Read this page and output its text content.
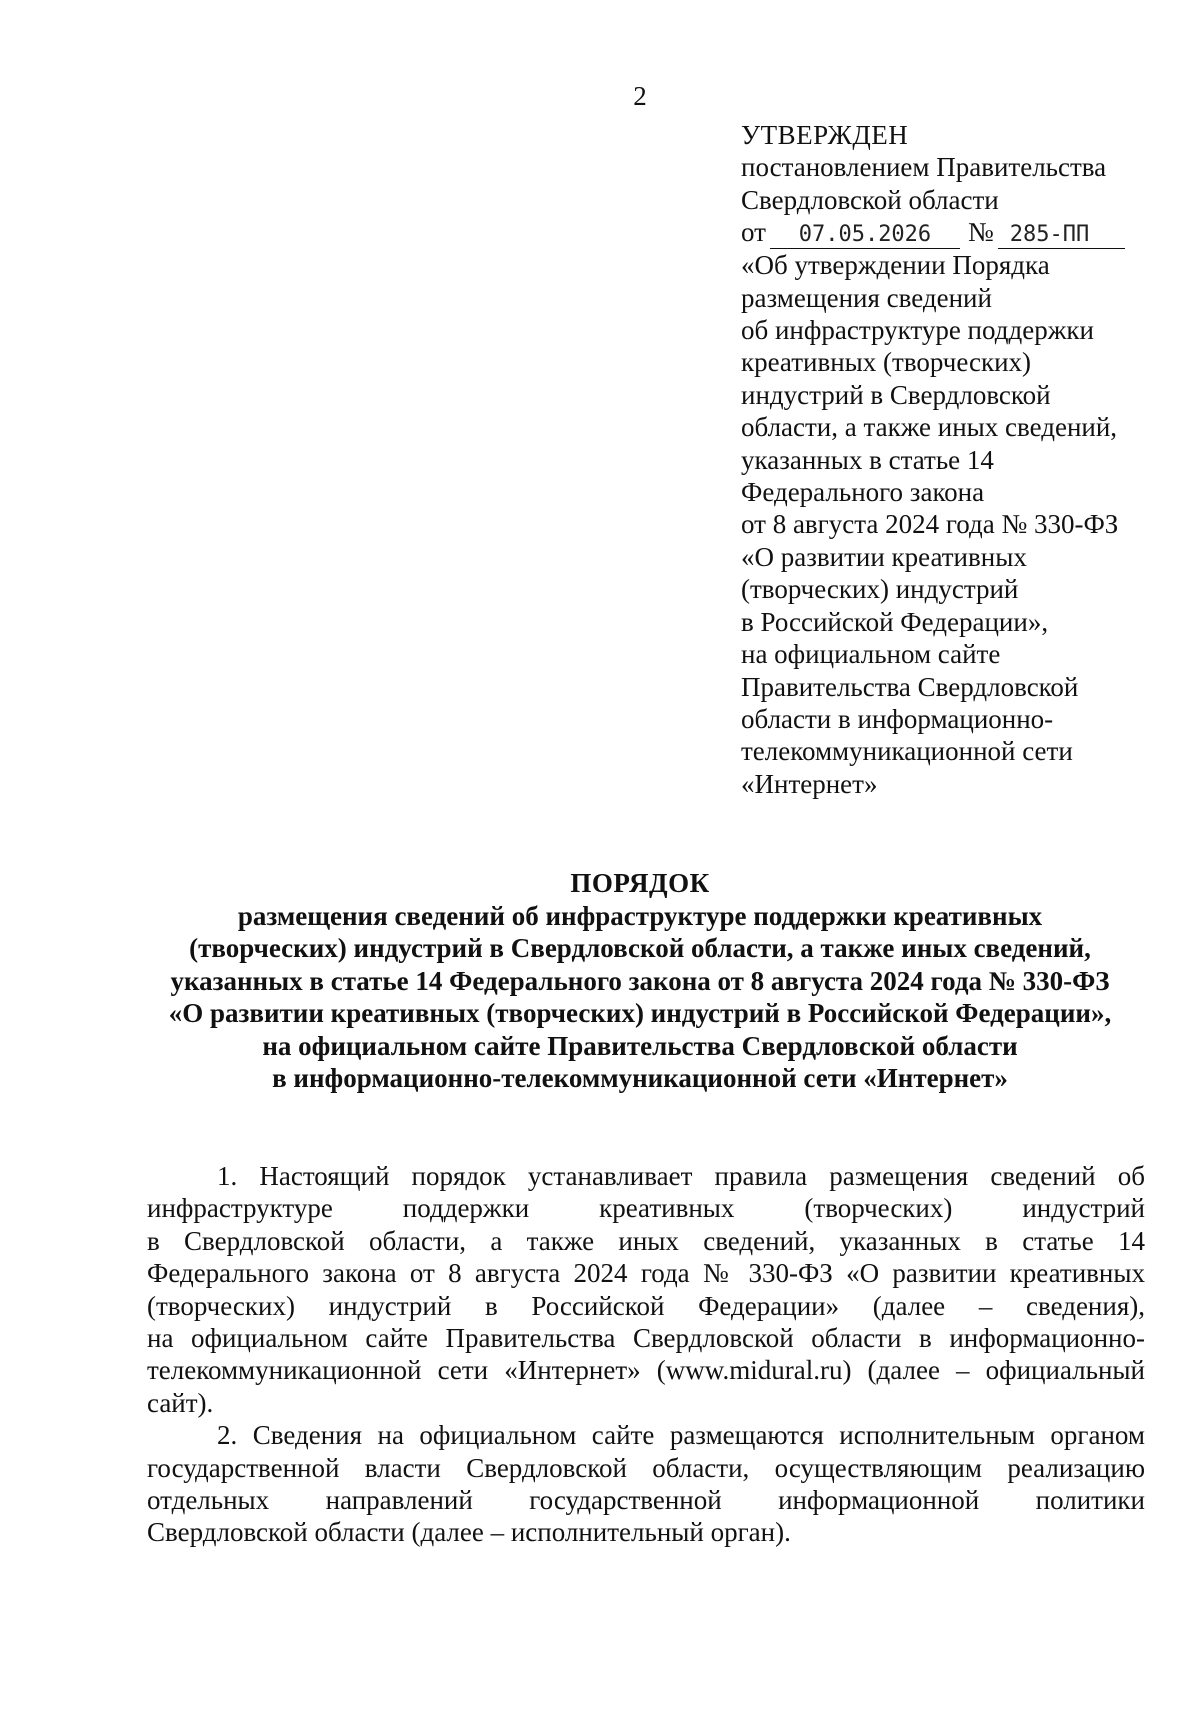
2
УТВЕРЖДЕН
постановлением Правительства
Свердловской области
от 07.05.2026 № 285-ПП
«Об утверждении Порядка
размещения сведений
об инфраструктуре поддержки
креативных (творческих)
индустрий в Свердловской
области, а также иных сведений,
указанных в статье 14
Федерального закона
от 8 августа 2024 года № 330-ФЗ
«О развитии креативных
(творческих) индустрий
в Российской Федерации»,
на официальном сайте
Правительства Свердловской
области в информационно-
телекоммуникационной сети
«Интернет»
ПОРЯДОК
размещения сведений об инфраструктуре поддержки креативных
(творческих) индустрий в Свердловской области, а также иных сведений,
указанных в статье 14 Федерального закона от 8 августа 2024 года № 330-ФЗ
«О развитии креативных (творческих) индустрий в Российской Федерации»,
на официальном сайте Правительства Свердловской области
в информационно-телекоммуникационной сети «Интернет»

1. Настоящий порядок устанавливает правила размещения сведений об
инфраструктуре поддержки креативных (творческих) индустрий
в Свердловской области, а также иных сведений, указанных в статье 14
Федерального закона от 8 августа 2024 года № 330-ФЗ «О развитии креативных
(творческих) индустрий в Российской Федерации» (далее – сведения),
на официальном сайте Правительства Свердловской области в информационно-
телекоммуникационной сети «Интернет» (www.midural.ru) (далее – официальный
сайт).

2. Сведения на официальном сайте размещаются исполнительным органом
государственной власти Свердловской области, осуществляющим реализацию
отдельных направлений государственной информационной политики
Свердловской области (далее – исполнительный орган).
